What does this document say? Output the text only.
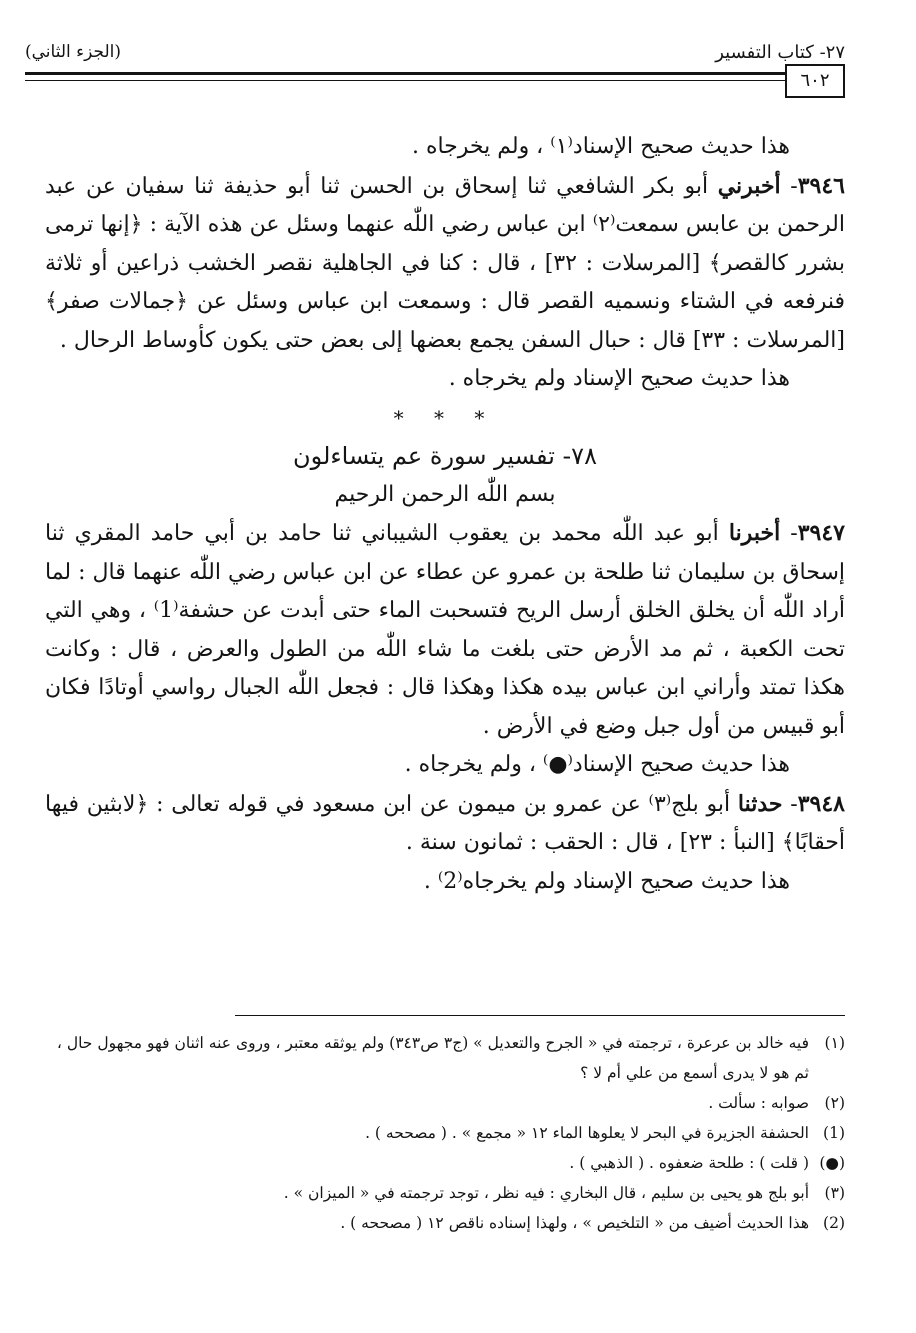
٢٧- كتاب التفسير
(الجزء الثاني)
٦٠٢

هذا حديث صحيح الإسناد⁽١⁾ ، ولم يخرجاه .

٣٩٤٦- أخبرني أبو بكر الشافعي ثنا إسحاق بن الحسن ثنا أبو حذيفة ثنا سفيان عن عبد الرحمن بن عابس سمعت⁽٢⁾ ابن عباس رضي اللّٰه عنهما وسئل عن هذه الآية : ﴿إنها ترمى بشرر كالقصر﴾ [المرسلات : ٣٢] ، قال : كنا في الجاهلية نقصر الخشب ذراعين أو ثلاثة فنرفعه في الشتاء ونسميه القصر قال : وسمعت ابن عباس وسئل عن ﴿جمالات صفر﴾ [المرسلات : ٣٣] قال : حبال السفن يجمع بعضها إلى بعض حتى يكون كأوساط الرحال .

هذا حديث صحيح الإسناد ولم يخرجاه .

* * *

٧٨- تفسير سورة عم يتساءلون

بسم اللّٰه الرحمن الرحيم

٣٩٤٧- أخبرنا أبو عبد اللّٰه محمد بن يعقوب الشيباني ثنا حامد بن أبي حامد المقري ثنا إسحاق بن سليمان ثنا طلحة بن عمرو عن عطاء عن ابن عباس رضي اللّٰه عنهما قال : لما أراد اللّٰه أن يخلق الخلق أرسل الريح فتسحبت الماء حتى أبدت عن حشفة⁽1⁾ ، وهي التي تحت الكعبة ، ثم مد الأرض حتى بلغت ما شاء اللّٰه من الطول والعرض ، قال : وكانت هكذا تمتد وأراني ابن عباس بيده هكذا وهكذا قال : فجعل اللّٰه الجبال رواسي أوتادًا فكان أبو قبيس من أول جبل وضع في الأرض .

هذا حديث صحيح الإسناد⁽●⁾ ، ولم يخرجاه .

٣٩٤٨- حدثنا أبو بلج⁽٣⁾ عن عمرو بن ميمون عن ابن مسعود في قوله تعالى : ﴿لابثين فيها أحقابًا﴾ [النبأ : ٢٣] ، قال : الحقب : ثمانون سنة .

هذا حديث صحيح الإسناد ولم يخرجاه⁽2⁾ .

(١)
فيه خالد بن عرعرة ، ترجمته في « الجرح والتعديل » (ج٣ ص٣٤٣) ولم يوثقه معتبر ، وروى عنه اثنان فهو مجهول حال ، ثم هو لا يدرى أسمع من علي أم لا ؟
(٢)
صوابه : سألت .
(1)
الحشفة الجزيرة في البحر لا يعلوها الماء ١٢ « مجمع » . ( مصححه ) .
(●)
( قلت ) : طلحة ضعفوه . ( الذهبي ) .
(٣)
أبو بلج هو يحيى بن سليم ، قال البخاري : فيه نظر ، توجد ترجمته في « الميزان » .
(2)
هذا الحديث أضيف من « التلخيص » ، ولهذا إسناده ناقص ١٢ ( مصححه ) .
